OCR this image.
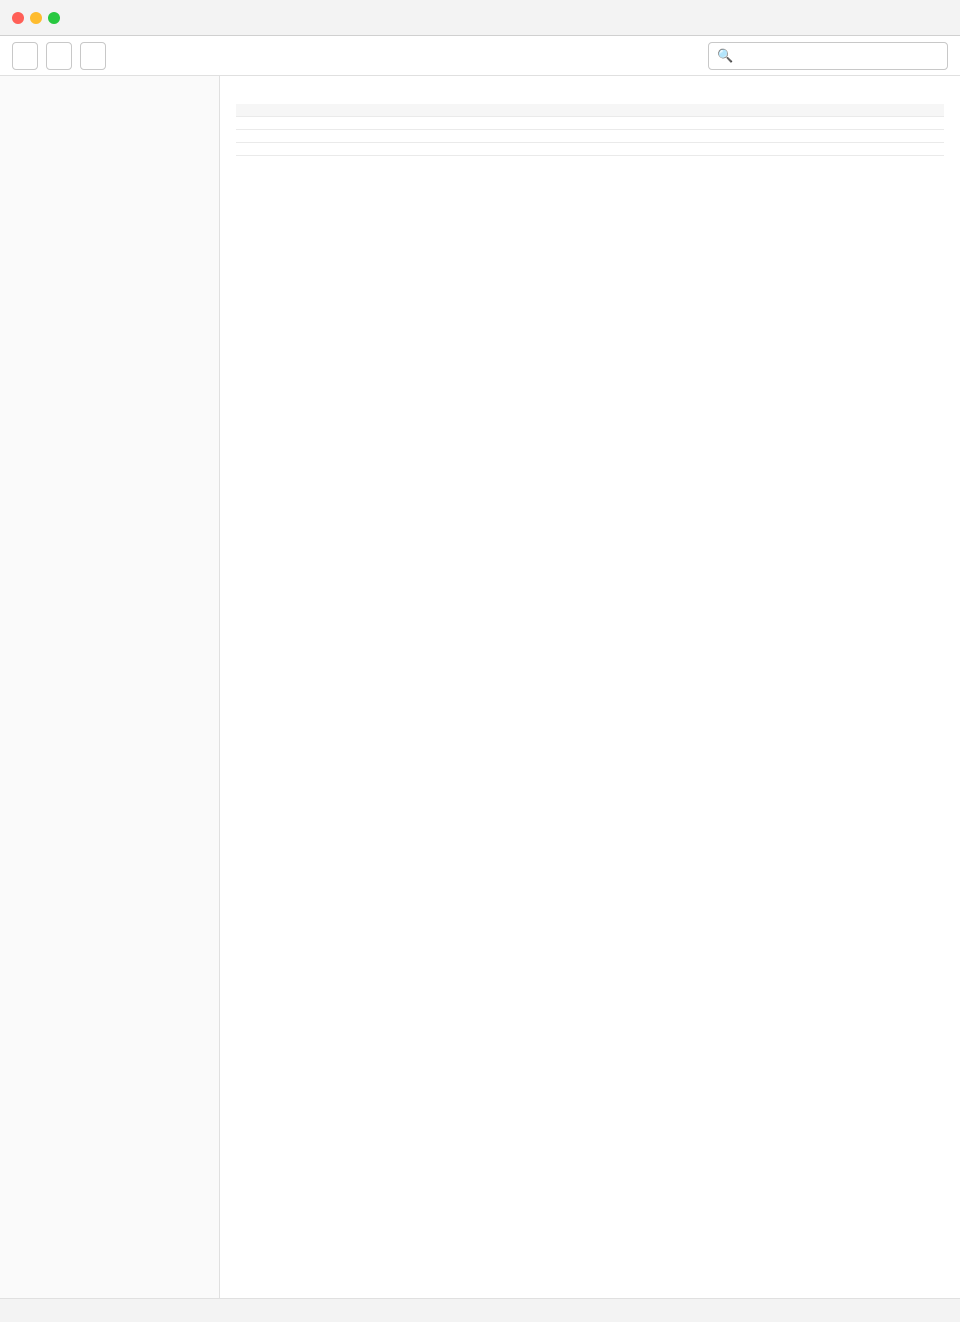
🔍
